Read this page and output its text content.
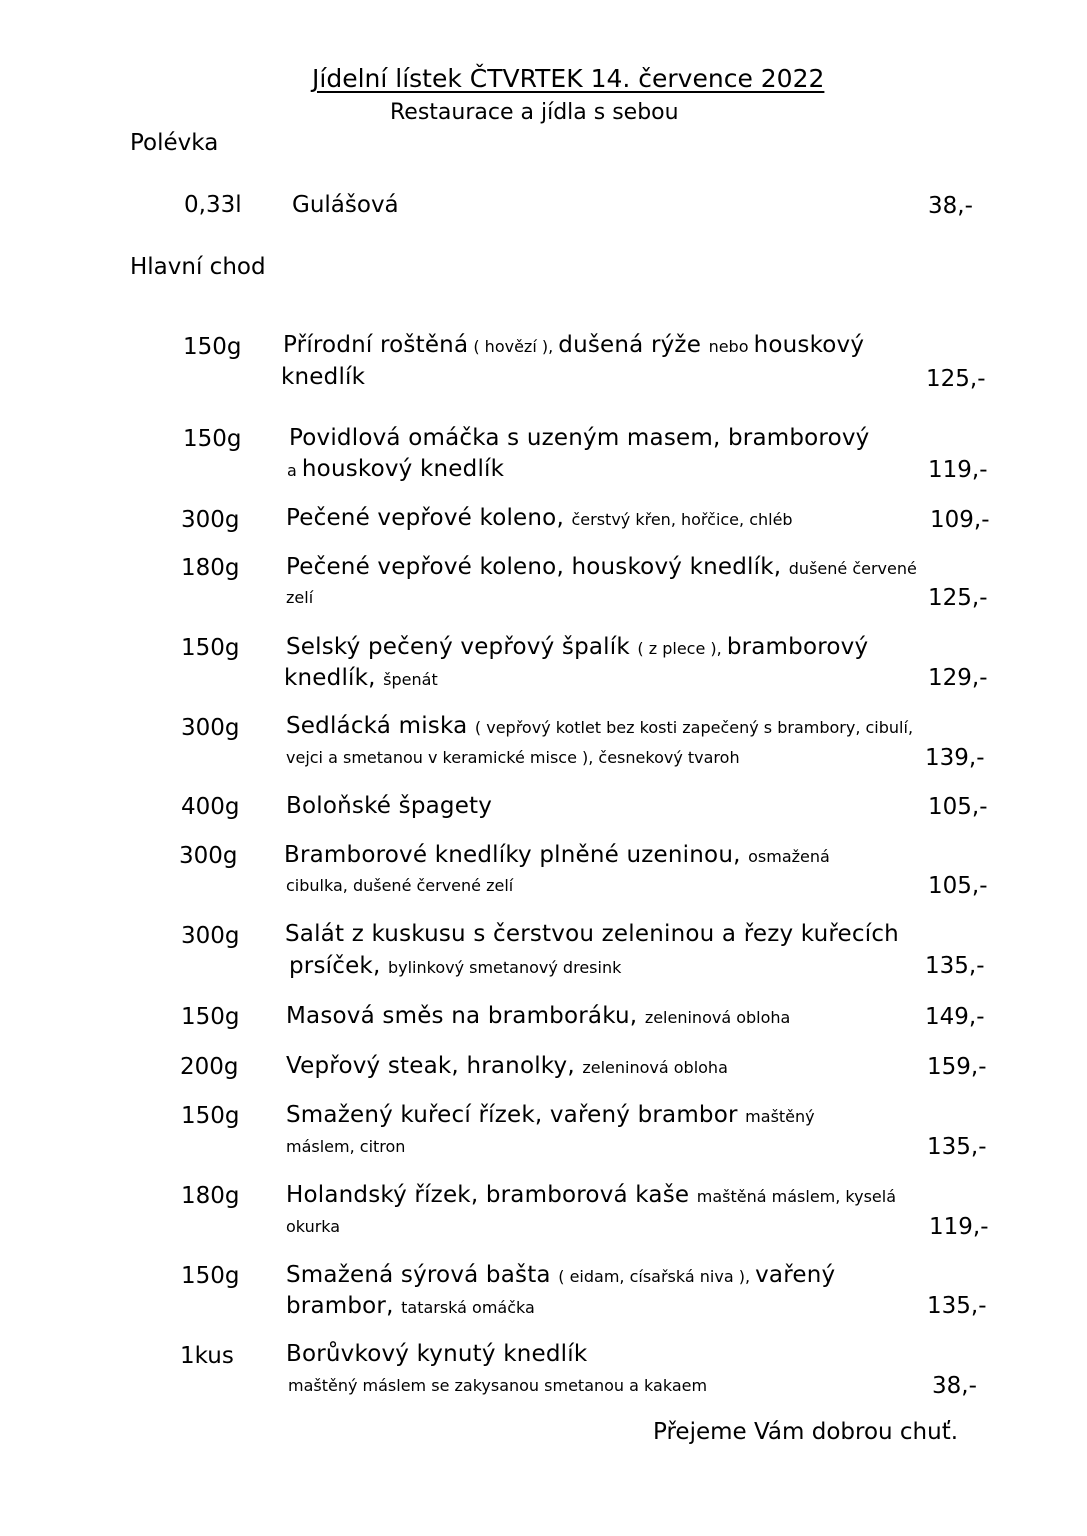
Jídelní lístek ČTVRTEK 14. července 2022
Restaurace a jídla s sebou
Polévka
0,33l Gulášová	38,-
Hlavní chod
150g Přírodní roštěná ( hovězí ), dušená rýže nebo houskový
knedlík	125,-
150g Povidlová omáčka s uzeným masem, bramborový
a houskový knedlík	119,-
300g Pečené vepřové koleno, čerstvý křen, hořčice, chléb	109,-
180g Pečené vepřové koleno, houskový knedlík, dušené červené
zelí	125,-
150g Selský pečený vepřový špalík ( z plece ), bramborový
knedlík, špenát	129,-
300g Sedlácká miska ( vepřový kotlet bez kosti zapečený s brambory, cibulí,
vejci a smetanou v keramické misce ), česnekový tvaroh	139,-
400g Boloňské špagety	105,-
300g Bramborové knedlíky plněné uzeninou, osmažená
cibulka, dušené červené zelí	105,-
300g Salát z kuskusu s čerstvou zeleninou a řezy kuřecích
prsíček, bylinkový smetanový dresink	135,-
150g Masová směs na bramboráku, zeleninová obloha	149,-
200g Vepřový steak, hranolky, zeleninová obloha	159,-
150g Smažený kuřecí řízek, vařený brambor maštěný
máslem, citron	135,-
180g Holandský řízek, bramborová kaše maštěná máslem, kyselá
okurka	119,-
150g Smažená sýrová bašta ( eidam, císařská niva ), vařený
brambor, tatarská omáčka	135,-
1kus Borůvkový kynutý knedlík
maštěný máslem se zakysanou smetanou a kakaem	38,-
Přejeme Vám dobrou chuť.
